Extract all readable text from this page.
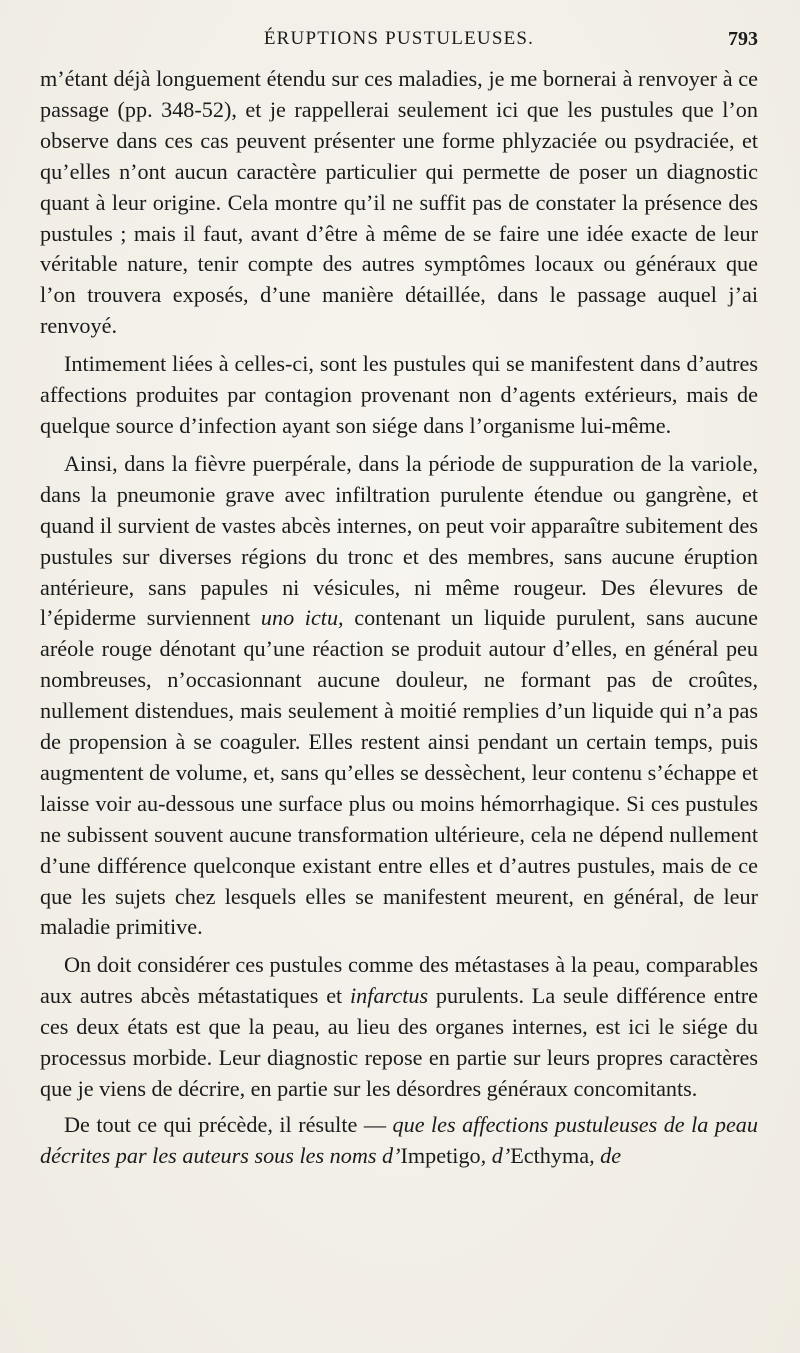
ÉRUPTIONS PUSTULEUSES.	793

m’étant déjà longuement étendu sur ces maladies, je me bornerai à renvoyer à ce passage (pp. 348-52), et je rappellerai seulement ici que les pustules que l’on observe dans ces cas peuvent présenter une forme phlyzaciée ou psydraciée, et qu’elles n’ont aucun caractère particulier qui permette de poser un diagnostic quant à leur origine. Cela montre qu’il ne suffit pas de constater la présence des pustules ; mais il faut, avant d’être à même de se faire une idée exacte de leur véritable nature, tenir compte des autres symptômes locaux ou généraux que l’on trouvera exposés, d’une manière détaillée, dans le passage auquel j’ai renvoyé.

Intimement liées à celles-ci, sont les pustules qui se manifestent dans d’autres affections produites par contagion provenant non d’agents extérieurs, mais de quelque source d’infection ayant son siége dans l’organisme lui-même.

Ainsi, dans la fièvre puerpérale, dans la période de suppuration de la variole, dans la pneumonie grave avec infiltration purulente étendue ou gangrène, et quand il survient de vastes abcès internes, on peut voir apparaître subitement des pustules sur diverses régions du tronc et des membres, sans aucune éruption antérieure, sans papules ni vésicules, ni même rougeur. Des élevures de l’épiderme surviennent uno ictu, contenant un liquide purulent, sans aucune aréole rouge dénotant qu’une réaction se produit autour d’elles, en général peu nombreuses, n’occasionnant aucune douleur, ne formant pas de croûtes, nullement distendues, mais seulement à moitié remplies d’un liquide qui n’a pas de propension à se coaguler. Elles restent ainsi pendant un certain temps, puis augmentent de volume, et, sans qu’elles se dessèchent, leur contenu s’échappe et laisse voir au-dessous une surface plus ou moins hémorrhagique. Si ces pustules ne subissent souvent aucune transformation ultérieure, cela ne dépend nullement d’une différence quelconque existant entre elles et d’autres pustules, mais de ce que les sujets chez lesquels elles se manifestent meurent, en général, de leur maladie primitive.

On doit considérer ces pustules comme des métastases à la peau, comparables aux autres abcès métastatiques et infarctus purulents. La seule différence entre ces deux états est que la peau, au lieu des organes internes, est ici le siége du processus morbide. Leur diagnostic repose en partie sur leurs propres caractères que je viens de décrire, en partie sur les désordres généraux concomitants.

De tout ce qui précède, il résulte — que les affections pustuleuses de la peau décrites par les auteurs sous les noms d’Impetigo, d’Ecthyma, de
